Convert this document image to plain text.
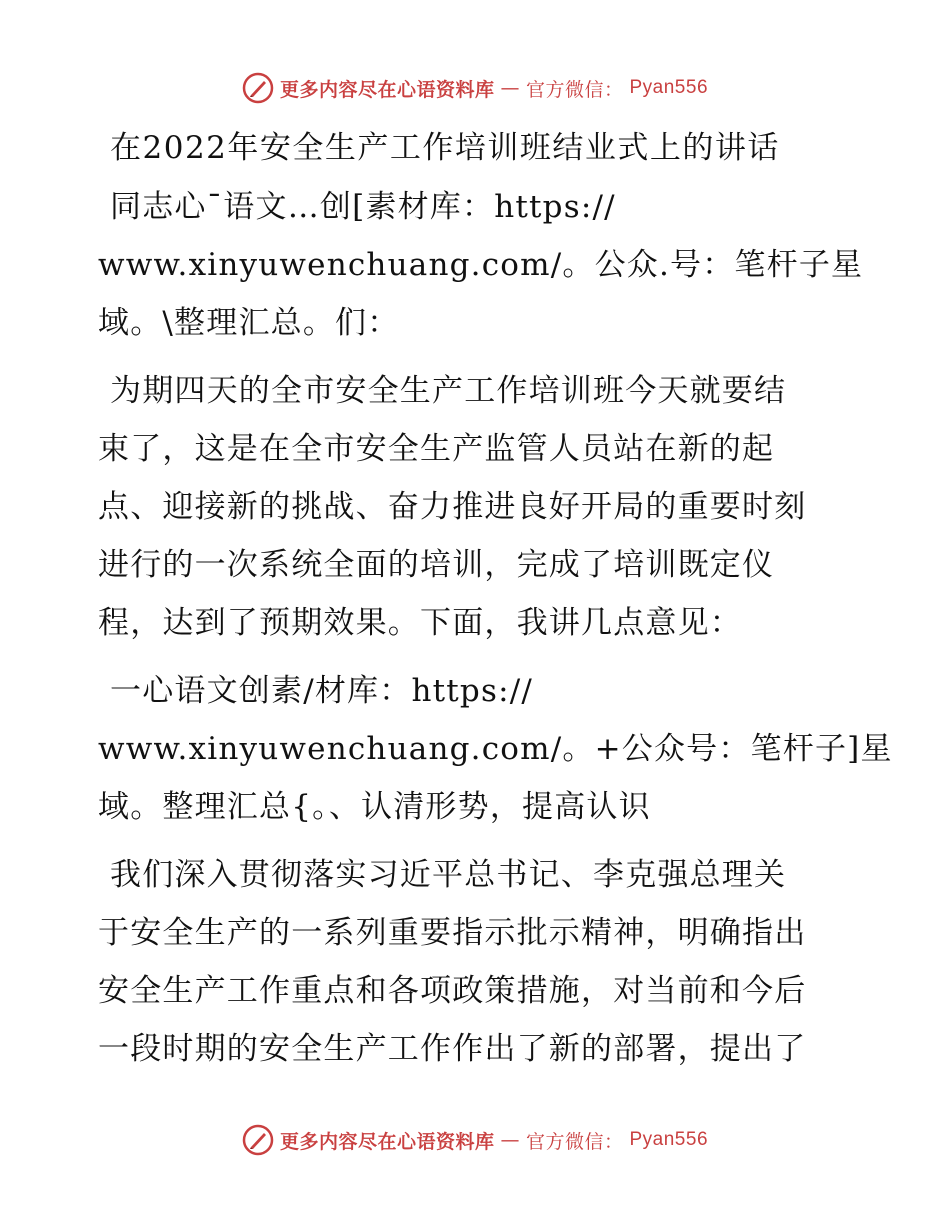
更多内容尽在心语资料库 — 官方微信： Pyan556
在2022年安全生产工作培训班结业式上的讲话
同志心¯语文…创[素材库：https://
www.xinyuwenchuang.com/。公众.号：笔杆子星
域。\整理汇总。们：
为期四天的全市安全生产工作培训班今天就要结
束了，这是在全市安全生产监管人员站在新的起
点、迎接新的挑战、奋力推进良好开局的重要时刻
进行的一次系统全面的培训，完成了培训既定仪
程，达到了预期效果。下面，我讲几点意见：
一心语文创素/材库：https://
www.xinyuwenchuang.com/。+公众号：笔杆子]星
域。整理汇总{。、认清形势，提高认识
我们深入贯彻落实习近平总书记、李克强总理关
于安全生产的一系列重要指示批示精神，明确指出
安全生产工作重点和各项政策措施，对当前和今后
一段时期的安全生产工作作出了新的部署，提出了
更多内容尽在心语资料库 — 官方微信： Pyan556
